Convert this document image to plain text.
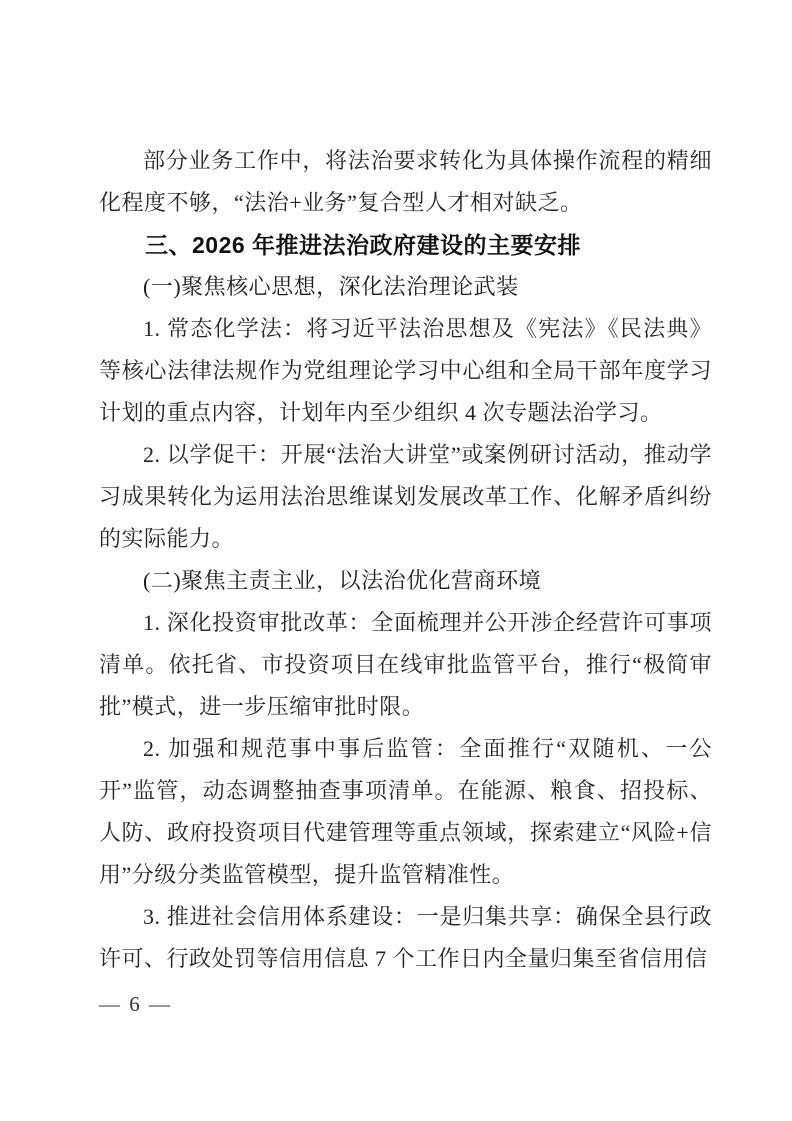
部分业务工作中，将法治要求转化为具体操作流程的精细化程度不够，“法治+业务”复合型人才相对缺乏。

三、2026 年推进法治政府建设的主要安排

(一)聚焦核心思想，深化法治理论武装

1. 常态化学法：将习近平法治思想及《宪法》《民法典》等核心法律法规作为党组理论学习中心组和全局干部年度学习计划的重点内容，计划年内至少组织 4 次专题法治学习。

2. 以学促干：开展“法治大讲堂”或案例研讨活动，推动学习成果转化为运用法治思维谋划发展改革工作、化解矛盾纠纷的实际能力。

(二)聚焦主责主业，以法治优化营商环境

1. 深化投资审批改革：全面梳理并公开涉企经营许可事项清单。依托省、市投资项目在线审批监管平台，推行“极简审批”模式，进一步压缩审批时限。

2. 加强和规范事中事后监管：全面推行“双随机、一公开”监管，动态调整抽查事项清单。在能源、粮食、招投标、人防、政府投资项目代建管理等重点领域，探索建立“风险+信用”分级分类监管模型，提升监管精准性。

3. 推进社会信用体系建设：一是归集共享：确保全县行政许可、行政处罚等信用信息 7 个工作日内全量归集至省信用信

— 6 —
